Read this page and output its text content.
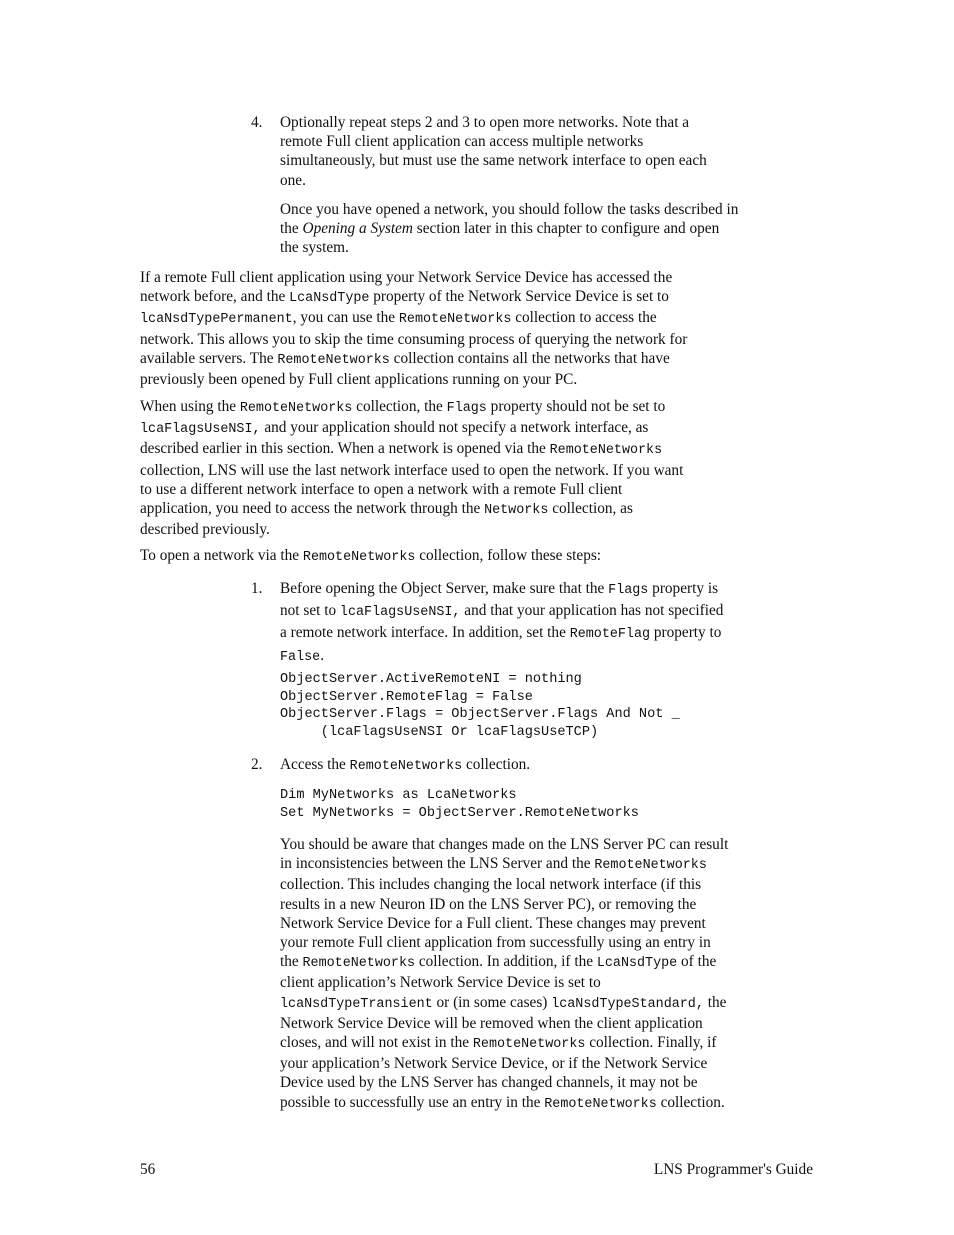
4. Optionally repeat steps 2 and 3 to open more networks. Note that a
remote Full client application can access multiple networks
simultaneously, but must use the same network interface to open each
one.
Once you have opened a network, you should follow the tasks described in
the Opening a System section later in this chapter to configure and open
the system.
If a remote Full client application using your Network Service Device has accessed the
network before, and the LcaNsdType property of the Network Service Device is set to
lcaNsdTypePermanent, you can use the RemoteNetworks collection to access the
network. This allows you to skip the time consuming process of querying the network for
available servers. The RemoteNetworks collection contains all the networks that have
previously been opened by Full client applications running on your PC.
When using the RemoteNetworks collection, the Flags property should not be set to
lcaFlagsUseNSI, and your application should not specify a network interface, as
described earlier in this section. When a network is opened via the RemoteNetworks
collection, LNS will use the last network interface used to open the network. If you want
to use a different network interface to open a network with a remote Full client
application, you need to access the network through the Networks collection, as
described previously.
To open a network via the RemoteNetworks collection, follow these steps:
1. Before opening the Object Server, make sure that the Flags property is
not set to lcaFlagsUseNSI, and that your application has not specified
a remote network interface. In addition, set the RemoteFlag property to
False.
ObjectServer.ActiveRemoteNI = nothing
ObjectServer.RemoteFlag = False
ObjectServer.Flags = ObjectServer.Flags And Not _
(lcaFlagsUseNSI Or lcaFlagsUseTCP)
2. Access the RemoteNetworks collection.
Dim MyNetworks as LcaNetworks
Set MyNetworks = ObjectServer.RemoteNetworks
You should be aware that changes made on the LNS Server PC can result
in inconsistencies between the LNS Server and the RemoteNetworks
collection. This includes changing the local network interface (if this
results in a new Neuron ID on the LNS Server PC), or removing the
Network Service Device for a Full client. These changes may prevent
your remote Full client application from successfully using an entry in
the RemoteNetworks collection. In addition, if the LcaNsdType of the
client application’s Network Service Device is set to
lcaNsdTypeTransient or (in some cases) lcaNsdTypeStandard, the
Network Service Device will be removed when the client application
closes, and will not exist in the RemoteNetworks collection. Finally, if
your application’s Network Service Device, or if the Network Service
Device used by the LNS Server has changed channels, it may not be
possible to successfully use an entry in the RemoteNetworks collection.
56	LNS Programmer's Guide
